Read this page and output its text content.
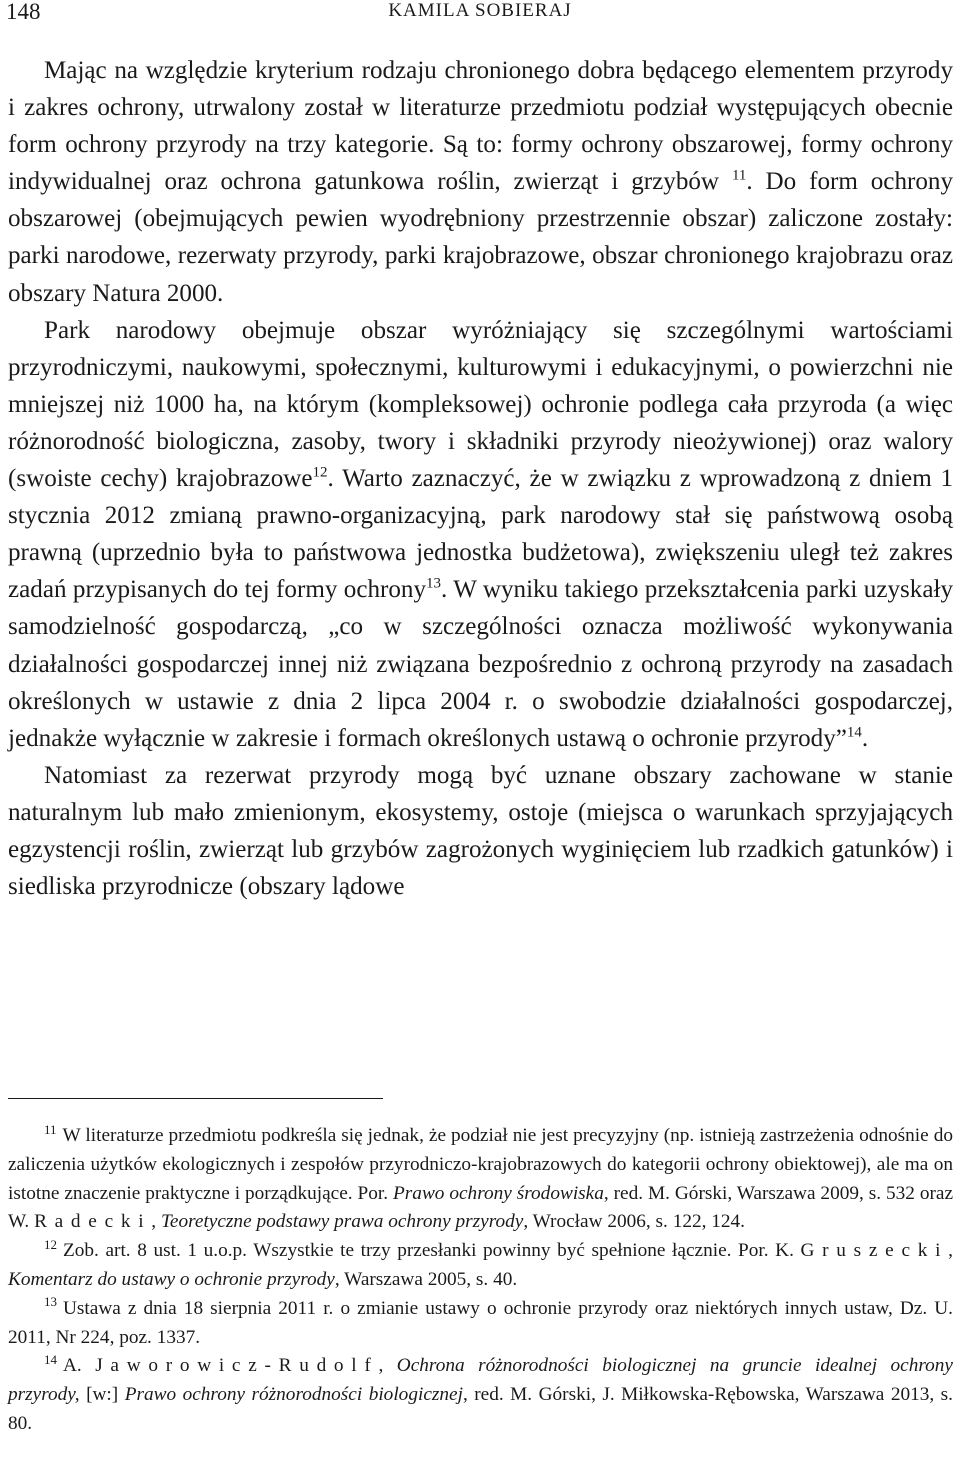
148	KAMILA SOBIERAJ

Mając na względzie kryterium rodzaju chronionego dobra będącego elementem przyrody i zakres ochrony, utrwalony został w literaturze przedmiotu podział występujących obecnie form ochrony przyrody na trzy kategorie. Są to: formy ochrony obszarowej, formy ochrony indywidualnej oraz ochrona gatunkowa roślin, zwierząt i grzybów $^{11}$. Do form ochrony obszarowej (obejmujących pewien wyodrębniony przestrzennie obszar) zaliczone zostały: parki narodowe, rezerwaty przyrody, parki krajobrazowe, obszar chronionego krajobrazu oraz obszary Natura 2000.

Park narodowy obejmuje obszar wyróżniający się szczególnymi wartościami przyrodniczymi, naukowymi, społecznymi, kulturowymi i edukacyjnymi, o powierzchni nie mniejszej niż 1000 ha, na którym (kompleksowej) ochronie podlega cała przyroda (a więc różnorodność biologiczna, zasoby, twory i składniki przyrody nieożywionej) oraz walory (swoiste cechy) krajobrazowe$^{12}$. Warto zaznaczyć, że w związku z wprowadzoną z dniem 1 stycznia 2012 zmianą prawno-organizacyjną, park narodowy stał się państwową osobą prawną (uprzednio była to państwowa jednostka budżetowa), zwiększeniu uległ też zakres zadań przypisanych do tej formy ochrony$^{13}$. W wyniku takiego przekształcenia parki uzyskały samodzielność gospodarczą, „co w szczególności oznacza możliwość wykonywania działalności gospodarczej innej niż związana bezpośrednio z ochroną przyrody na zasadach określonych w ustawie z dnia 2 lipca 2004 r. o swobodzie działalności gospodarczej, jednakże wyłącznie w zakresie i formach określonych ustawą o ochronie przyrody”$^{14}$.

Natomiast za rezerwat przyrody mogą być uznane obszary zachowane w stanie naturalnym lub mało zmienionym, ekosystemy, ostoje (miejsca o warunkach sprzyjających egzystencji roślin, zwierząt lub grzybów zagrożonych wyginięciem lub rzadkich gatunków) i siedliska przyrodnicze (obszary lądowe

$^{11}$ W literaturze przedmiotu podkreśla się jednak, że podział nie jest precyzyjny (np. istnieją zastrzeżenia odnośnie do zaliczenia użytków ekologicznych i zespołów przyrodniczo-krajobrazowych do kategorii ochrony obiektowej), ale ma on istotne znaczenie praktyczne i porządkujące. Por. Prawo ochrony środowiska, red. M. Górski, Warszawa 2009, s. 532 oraz W. Radecki, Teoretyczne podstawy prawa ochrony przyrody, Wrocław 2006, s. 122, 124.

$^{12}$ Zob. art. 8 ust. 1 u.o.p. Wszystkie te trzy przesłanki powinny być spełnione łącznie. Por. K. Gruszecki, Komentarz do ustawy o ochronie przyrody, Warszawa 2005, s. 40.

$^{13}$ Ustawa z dnia 18 sierpnia 2011 r. o zmianie ustawy o ochronie przyrody oraz niektórych innych ustaw, Dz. U. 2011, Nr 224, poz. 1337.

$^{14}$ A. Jaworowicz-Rudolf, Ochrona różnorodności biologicznej na gruncie idealnej ochrony przyrody, [w:] Prawo ochrony różnorodności biologicznej, red. M. Górski, J. Miłkowska-Rębowska, Warszawa 2013, s. 80.
